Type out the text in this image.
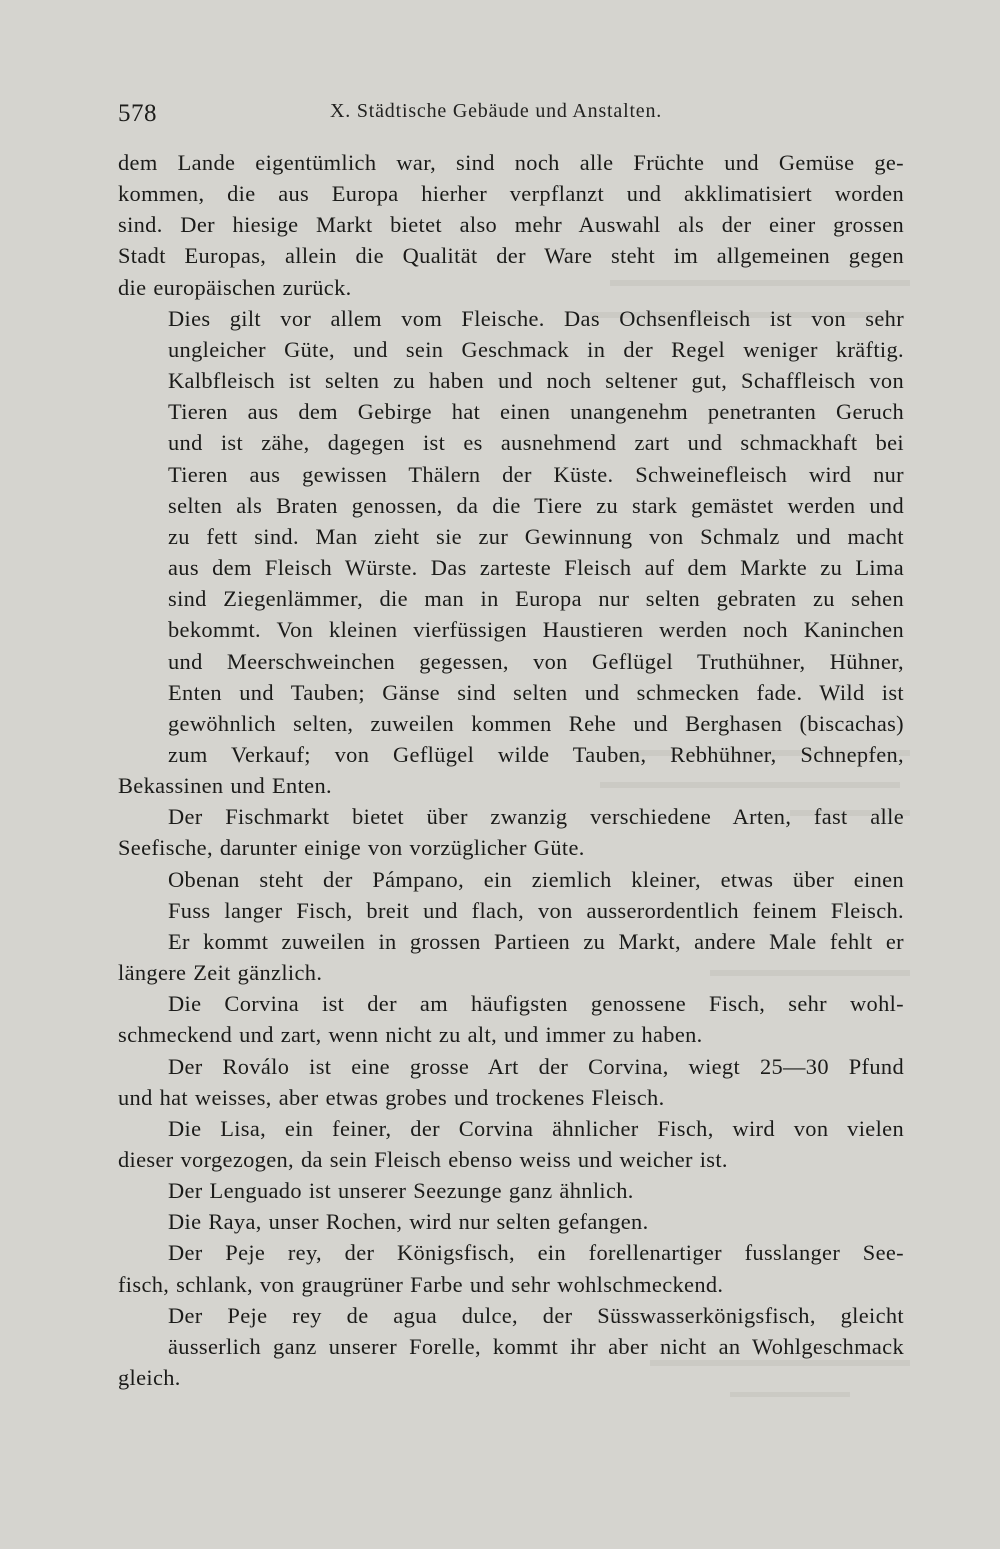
578	X. Städtische Gebäude und Anstalten.

dem Lande eigentümlich war, sind noch alle Früchte und Gemüse ge-
kommen, die aus Europa hierher verpflanzt und akklimatisiert worden
sind. Der hiesige Markt bietet also mehr Auswahl als der einer grossen
Stadt Europas, allein die Qualität der Ware steht im allgemeinen gegen

die europäischen zurück.

Dies gilt vor allem vom Fleische. Das Ochsenfleisch ist von sehr
ungleicher Güte, und sein Geschmack in der Regel weniger kräftig.
Kalbfleisch ist selten zu haben und noch seltener gut, Schaffleisch von
Tieren aus dem Gebirge hat einen unangenehm penetranten Geruch
und ist zähe, dagegen ist es ausnehmend zart und schmackhaft bei
Tieren aus gewissen Thälern der Küste. Schweinefleisch wird nur
selten als Braten genossen, da die Tiere zu stark gemästet werden und
zu fett sind. Man zieht sie zur Gewinnung von Schmalz und macht
aus dem Fleisch Würste. Das zarteste Fleisch auf dem Markte zu Lima
sind Ziegenlämmer, die man in Europa nur selten gebraten zu sehen
bekommt. Von kleinen vierfüssigen Haustieren werden noch Kaninchen
und Meerschweinchen gegessen, von Geflügel Truthühner, Hühner,
Enten und Tauben; Gänse sind selten und schmecken fade. Wild ist
gewöhnlich selten, zuweilen kommen Rehe und Berghasen (biscachas)
zum Verkauf; von Geflügel wilde Tauben, Rebhühner, Schnepfen,

Bekassinen und Enten.

Der Fischmarkt bietet über zwanzig verschiedene Arten, fast alle

Seefische, darunter einige von vorzüglicher Güte.

Obenan steht der Pámpano, ein ziemlich kleiner, etwas über einen
Fuss langer Fisch, breit und flach, von ausserordentlich feinem Fleisch.
Er kommt zuweilen in grossen Partieen zu Markt, andere Male fehlt er

längere Zeit gänzlich.

Die Corvina ist der am häufigsten genossene Fisch, sehr wohl-

schmeckend und zart, wenn nicht zu alt, und immer zu haben.

Der Roválo ist eine grosse Art der Corvina, wiegt 25—30 Pfund

und hat weisses, aber etwas grobes und trockenes Fleisch.

Die Lisa, ein feiner, der Corvina ähnlicher Fisch, wird von vielen

dieser vorgezogen, da sein Fleisch ebenso weiss und weicher ist.

Der Lenguado ist unserer Seezunge ganz ähnlich.

Die Raya, unser Rochen, wird nur selten gefangen.

Der Peje rey, der Königsfisch, ein forellenartiger fusslanger See-

fisch, schlank, von graugrüner Farbe und sehr wohlschmeckend.

Der Peje rey de agua dulce, der Süsswasserkönigsfisch, gleicht
äusserlich ganz unserer Forelle, kommt ihr aber nicht an Wohlgeschmack

gleich.
